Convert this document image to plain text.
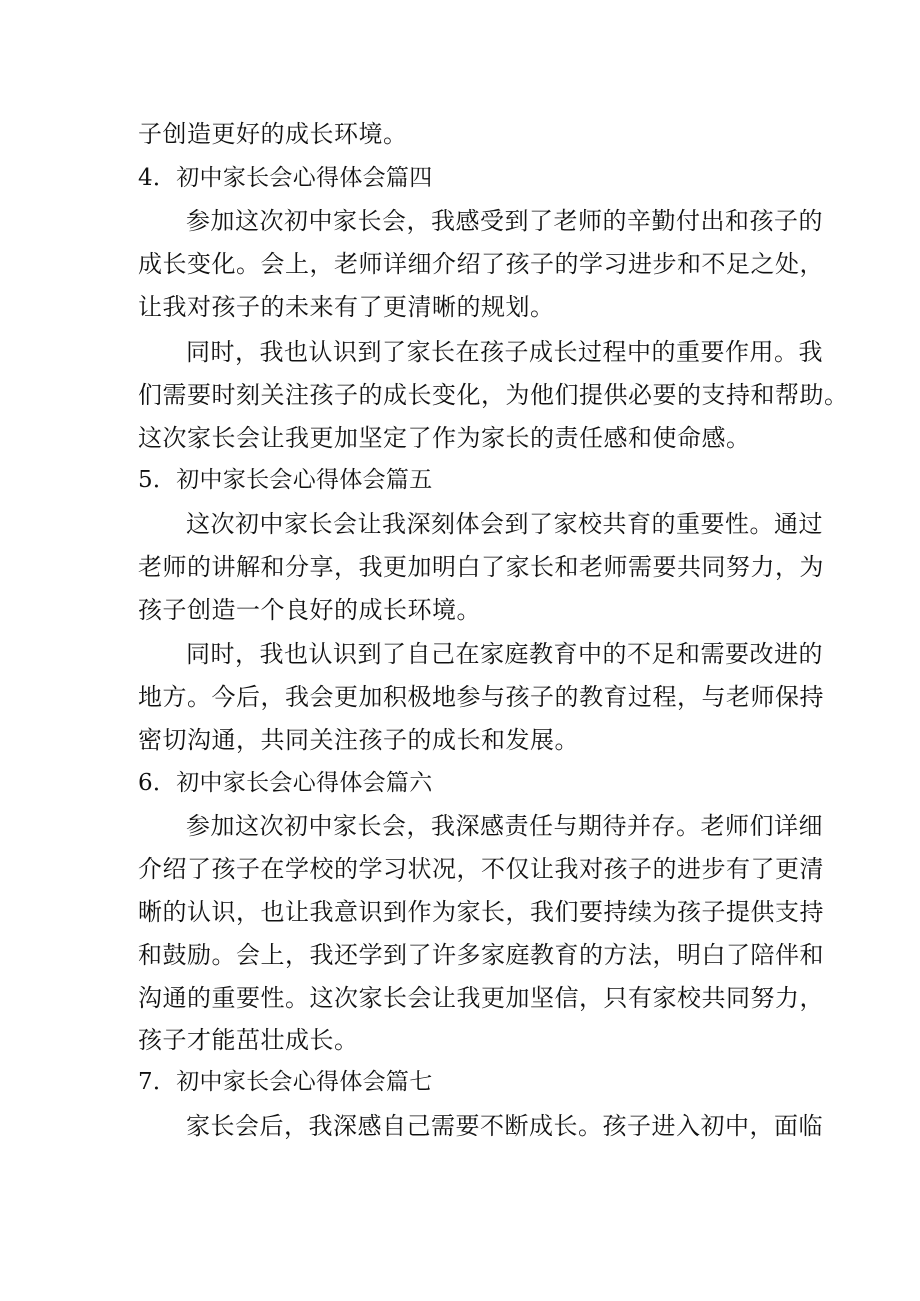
子创造更好的成长环境。
4．初中家长会心得体会篇四
参加这次初中家长会，我感受到了老师的辛勤付出和孩子的
成长变化。会上，老师详细介绍了孩子的学习进步和不足之处，
让我对孩子的未来有了更清晰的规划。
同时，我也认识到了家长在孩子成长过程中的重要作用。我
们需要时刻关注孩子的成长变化，为他们提供必要的支持和帮助。
这次家长会让我更加坚定了作为家长的责任感和使命感。
5．初中家长会心得体会篇五
这次初中家长会让我深刻体会到了家校共育的重要性。通过
老师的讲解和分享，我更加明白了家长和老师需要共同努力，为
孩子创造一个良好的成长环境。
同时，我也认识到了自己在家庭教育中的不足和需要改进的
地方。今后，我会更加积极地参与孩子的教育过程，与老师保持
密切沟通，共同关注孩子的成长和发展。
6．初中家长会心得体会篇六
参加这次初中家长会，我深感责任与期待并存。老师们详细
介绍了孩子在学校的学习状况，不仅让我对孩子的进步有了更清
晰的认识，也让我意识到作为家长，我们要持续为孩子提供支持
和鼓励。会上，我还学到了许多家庭教育的方法，明白了陪伴和
沟通的重要性。这次家长会让我更加坚信，只有家校共同努力，
孩子才能茁壮成长。
7．初中家长会心得体会篇七
家长会后，我深感自己需要不断成长。孩子进入初中，面临
